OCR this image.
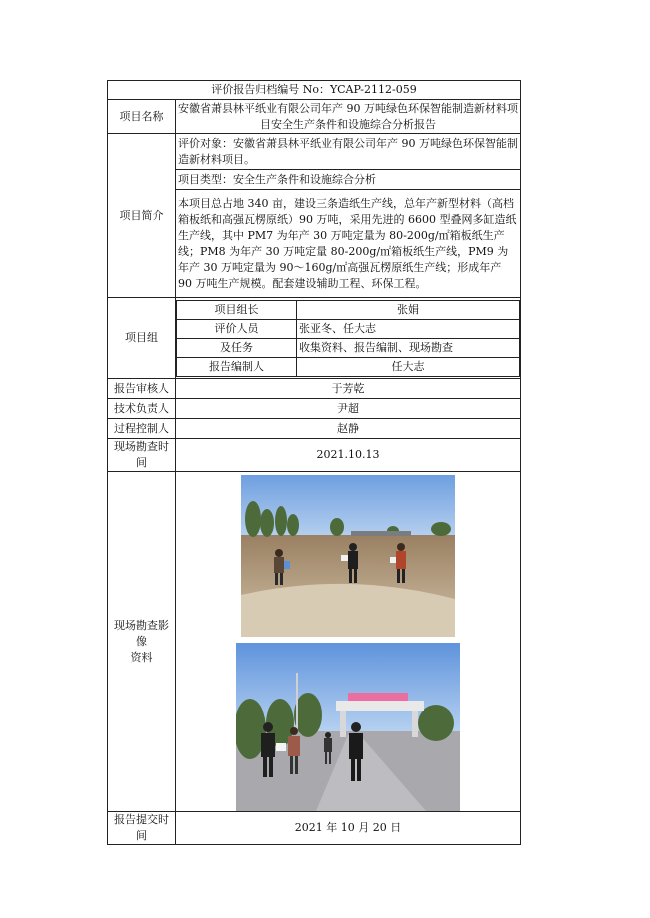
评价报告归档编号 No：YCAP-2112-059
项目名称	安徽省萧县林平纸业有限公司年产 90 万吨绿色环保智能制造新材料项目安全生产条件和设施综合分析报告
项目简介	评价对象：安徽省萧县林平纸业有限公司年产 90 万吨绿色环保智能制造新材料项目。
项目类型：安全生产条件和设施综合分析
本项目总占地 340 亩，建设三条造纸生产线，总年产新型材料（高档箱板纸和高强瓦楞原纸）90 万吨，采用先进的 6600 型叠网多缸造纸生产线，其中 PM7 为年产 30 万吨定量为 80-200g/㎡箱板纸生产线；PM8 为年产 30 万吨定量 80-200g/㎡箱板纸生产线，PM9 为年产 30 万吨定量为 90～160g/㎡高强瓦楞原纸生产线；形成年产 90 万吨生产规模。配套建设辅助工程、环保工程。
项目组	
项目组长	张娟
评价人员	张亚冬、任大志
及任务	收集资料、报告编制、现场勘查
报告编制人	任大志

报告审核人	于芳乾
技术负责人	尹超
过程控制人	赵静
现场勘查时间	2021.10.13

现场勘查影像
资料

报告提交时间	2021 年 10 月 20 日
